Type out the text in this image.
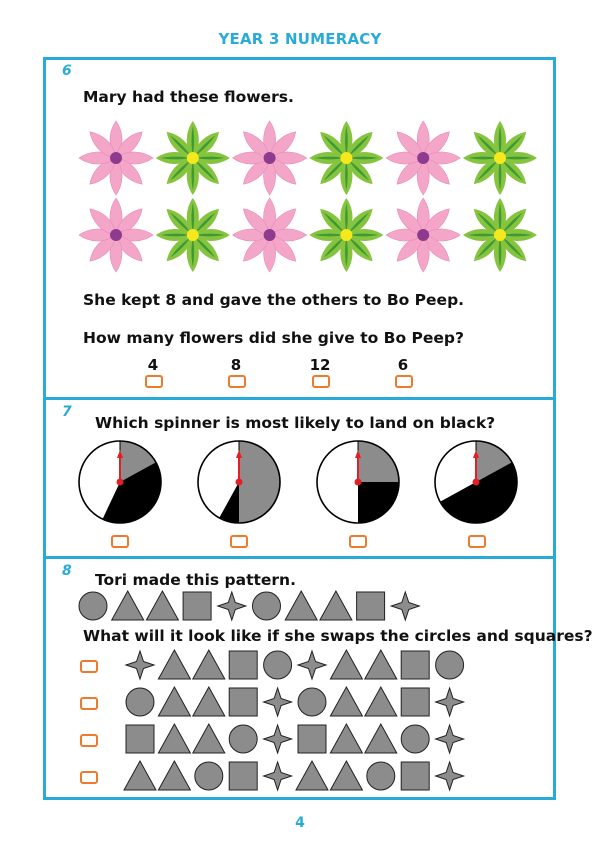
YEAR 3 NUMERACY
6
Mary had these flowers.
She kept 8 and gave the others to Bo Peep.
How many flowers did she give to Bo Peep?
4	8	12	6
7
Which spinner is most likely to land on black?
8 Tori made this pattern.
What will it look like if she swaps the circles and squares?
4
